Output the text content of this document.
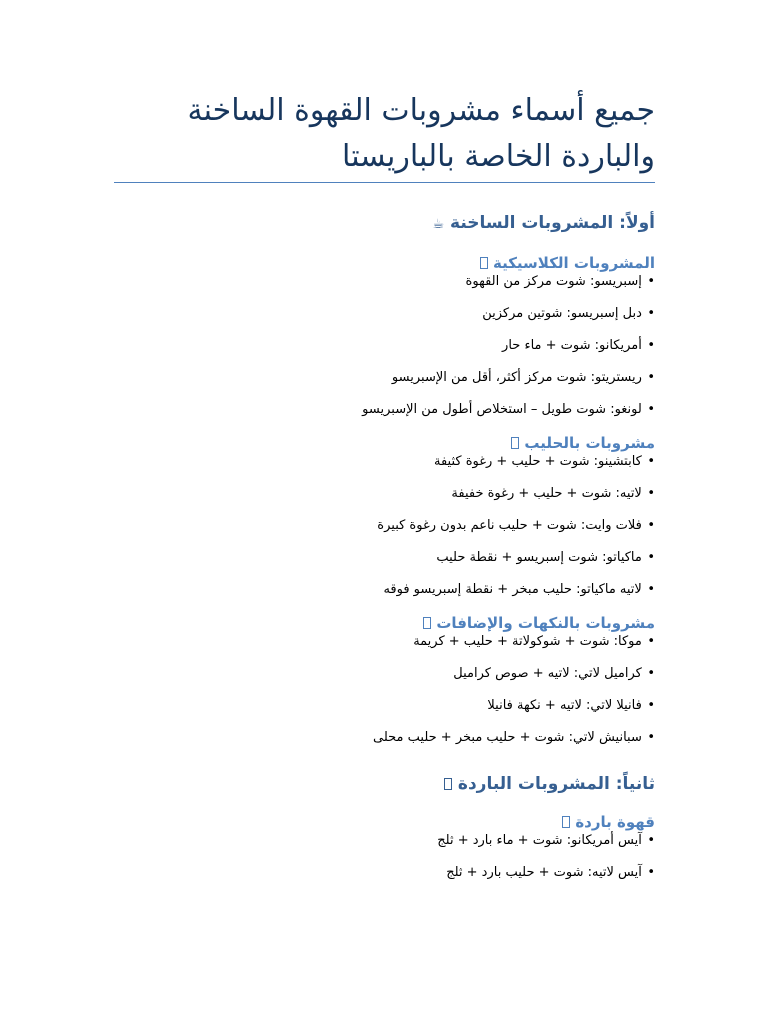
جميع أسماء مشروبات القهوة الساخنة والباردة الخاصة بالباريستا
أولاً: المشروبات الساخنة ☕
المشروبات الكلاسيكية
• إسبريسو: شوت مركز من القهوة
• دبل إسبريسو: شوتين مركزين
• أمريكانو: شوت + ماء حار
• ريستريتو: شوت مركز أكثر، أقل من الإسبريسو
• لونغو: شوت طويل – استخلاص أطول من الإسبريسو
مشروبات بالحليب
• كابتشينو: شوت + حليب + رغوة كثيفة
• لاتيه: شوت + حليب + رغوة خفيفة
• فلات وايت: شوت + حليب ناعم بدون رغوة كبيرة
• ماكياتو: شوت إسبريسو + نقطة حليب
• لاتيه ماكياتو: حليب مبخر + نقطة إسبريسو فوقه
مشروبات بالنكهات والإضافات
• موكا: شوت + شوكولاتة + حليب + كريمة
• كراميل لاتي: لاتيه + صوص كراميل
• فانيلا لاتي: لاتيه + نكهة فانيلا
• سبانيش لاتي: شوت + حليب مبخر + حليب محلى
ثانياً: المشروبات الباردة
قهوة باردة
• آيس أمريكانو: شوت + ماء بارد + ثلج
• آيس لاتيه: شوت + حليب بارد + ثلج
